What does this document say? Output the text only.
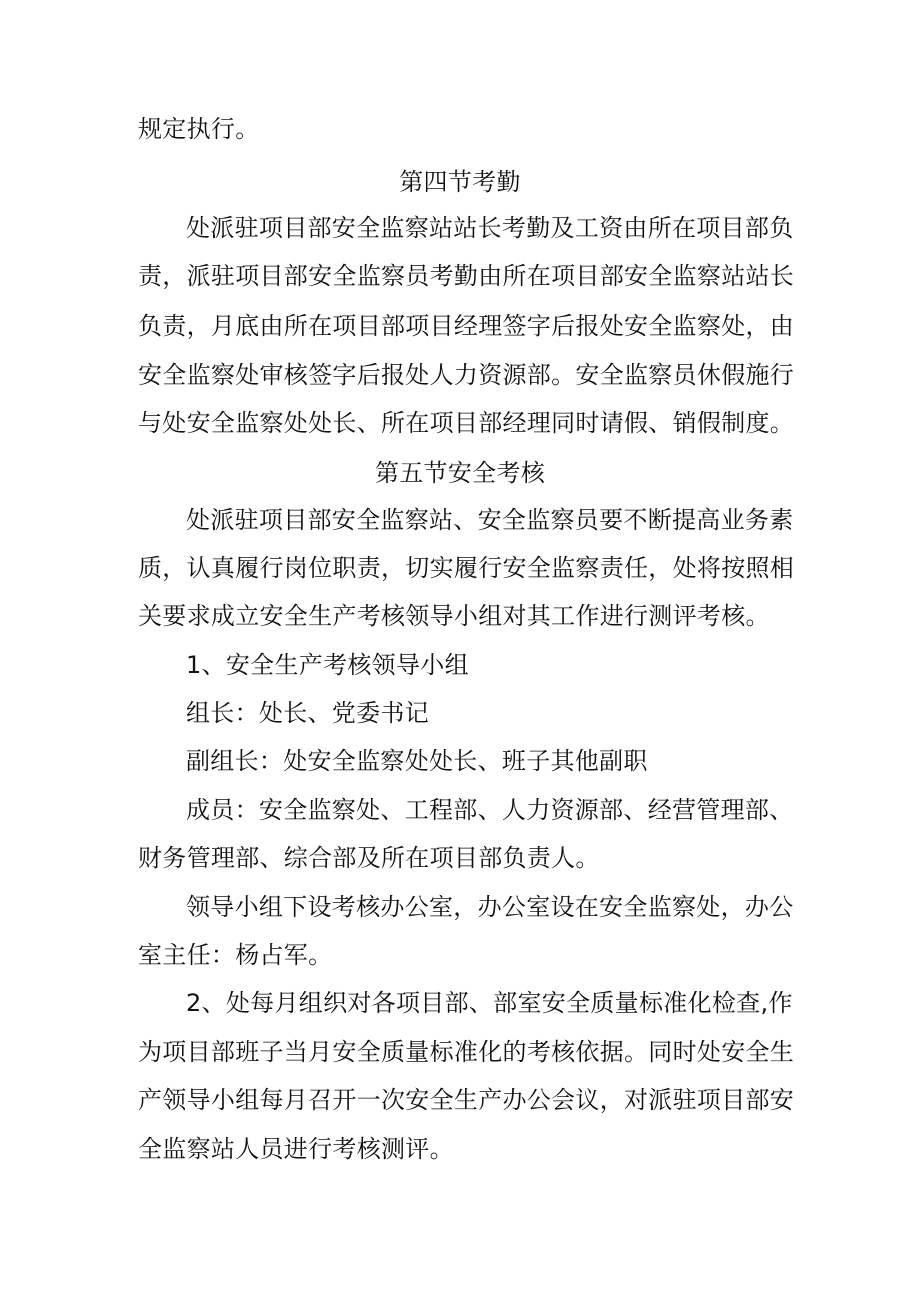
规定执行。
第四节考勤
处派驻项目部安全监察站站长考勤及工资由所在项目部负
责，派驻项目部安全监察员考勤由所在项目部安全监察站站长
负责，月底由所在项目部项目经理签字后报处安全监察处，由
安全监察处审核签字后报处人力资源部。安全监察员休假施行
与处安全监察处处长、所在项目部经理同时请假、销假制度。
第五节安全考核
处派驻项目部安全监察站、安全监察员要不断提高业务素
质，认真履行岗位职责，切实履行安全监察责任，处将按照相
关要求成立安全生产考核领导小组对其工作进行测评考核。
1、安全生产考核领导小组
组长：处长、党委书记
副组长：处安全监察处处长、班子其他副职
成员：安全监察处、工程部、人力资源部、经营管理部、
财务管理部、综合部及所在项目部负责人。
领导小组下设考核办公室，办公室设在安全监察处，办公
室主任：杨占军。
2、处每月组织对各项目部、部室安全质量标准化检查,作
为项目部班子当月安全质量标准化的考核依据。同时处安全生
产领导小组每月召开一次安全生产办公会议，对派驻项目部安
全监察站人员进行考核测评。
